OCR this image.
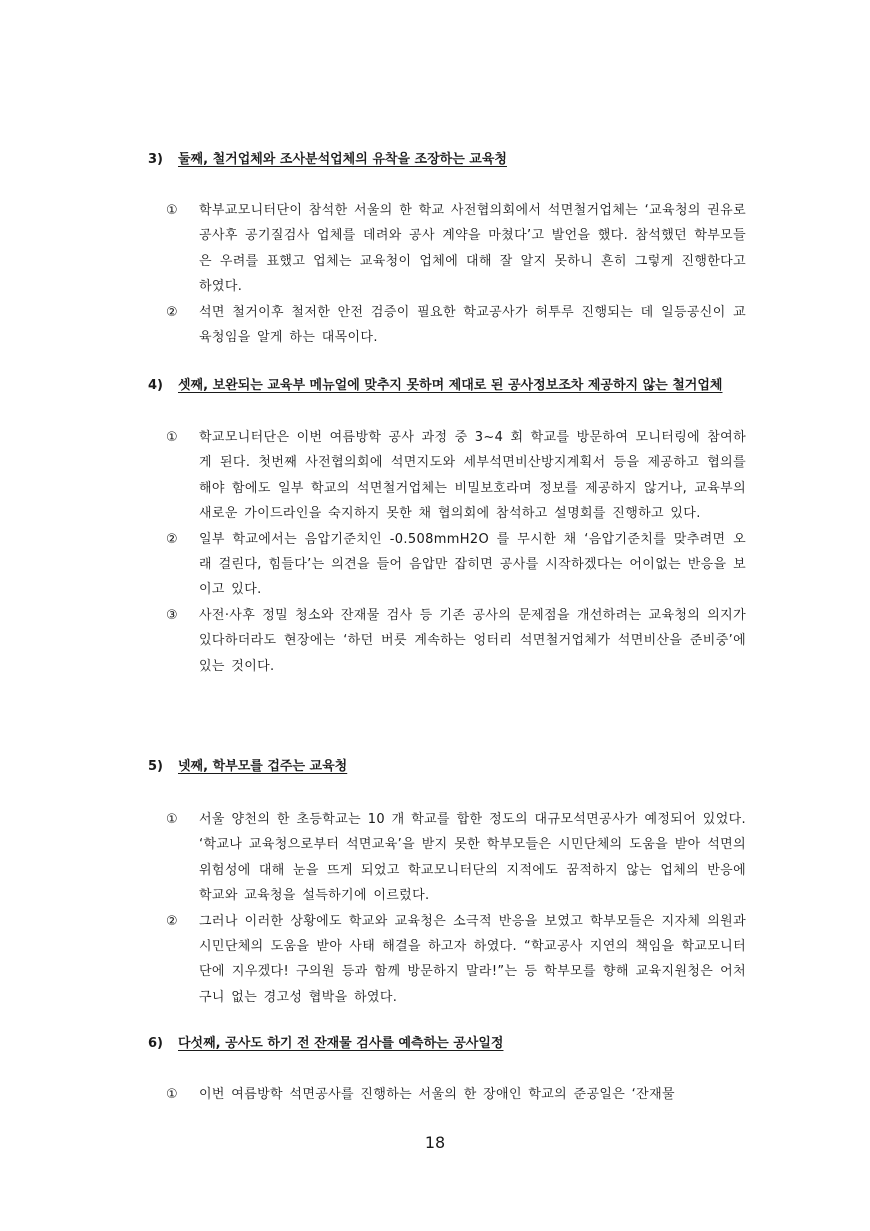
3) 둘째, 철거업체와 조사분석업체의 유착을 조장하는 교육청
① 학부교모니터단이 참석한 서울의 한 학교 사전협의회에서 석면철거업체는 ‘교육청의 권유로 공사후 공기질검사 업체를 데려와 공사 계약을 마쳤다’고 발언을 했다. 참석했던 학부모들은 우려를 표했고 업체는 교육청이 업체에 대해 잘 알지 못하니 흔히 그렇게 진행한다고 하였다.
② 석면 철거이후 철저한 안전 검증이 필요한 학교공사가 허투루 진행되는 데 일등공신이 교육청임을 알게 하는 대목이다.
4) 셋째, 보완되는 교육부 메뉴얼에 맞추지 못하며 제대로 된 공사정보조차 제공하지 않는 철거업체
① 학교모니터단은 이번 여름방학 공사 과정 중 3~4 회 학교를 방문하여 모니터링에 참여하게 된다. 첫번째 사전협의회에 석면지도와 세부석면비산방지계획서 등을 제공하고 협의를 해야 함에도 일부 학교의 석면철거업체는 비밀보호라며 정보를 제공하지 않거나, 교육부의 새로운 가이드라인을 숙지하지 못한 채 협의회에 참석하고 설명회를 진행하고 있다.
② 일부 학교에서는 음압기준치인 -0.508mmH2O 를 무시한 채 ‘음압기준치를 맞추려면 오래 걸린다, 힘들다’는 의견을 들어 음압만 잡히면 공사를 시작하겠다는 어이없는 반응을 보이고 있다.
③ 사전·사후 정밀 청소와 잔재물 검사 등 기존 공사의 문제점을 개선하려는 교육청의 의지가 있다하더라도 현장에는 ‘하던 버릇 계속하는 엉터리 석면철거업체가 석면비산을 준비중’에 있는 것이다.
5) 넷째, 학부모를 겁주는 교육청
① 서울 양천의 한 초등학교는 10 개 학교를 합한 정도의 대규모석면공사가 예정되어 있었다. ‘학교나 교육청으로부터 석면교육’을 받지 못한 학부모들은 시민단체의 도움을 받아 석면의 위험성에 대해 눈을 뜨게 되었고 학교모니터단의 지적에도 꿈적하지 않는 업체의 반응에 학교와 교육청을 설득하기에 이르렀다.
② 그러나 이러한 상황에도 학교와 교육청은 소극적 반응을 보였고 학부모들은 지자체 의원과 시민단체의 도움을 받아 사태 해결을 하고자 하였다. “학교공사 지연의 책임을 학교모니터단에 지우겠다! 구의원 등과 함께 방문하지 말라!”는 등 학부모를 향해 교육지원청은 어처구니 없는 경고성 협박을 하였다.
6) 다섯째, 공사도 하기 전 잔재물 검사를 예측하는 공사일정
① 이번 여름방학 석면공사를 진행하는 서울의 한 장애인 학교의 준공일은 ‘잔재물
18
